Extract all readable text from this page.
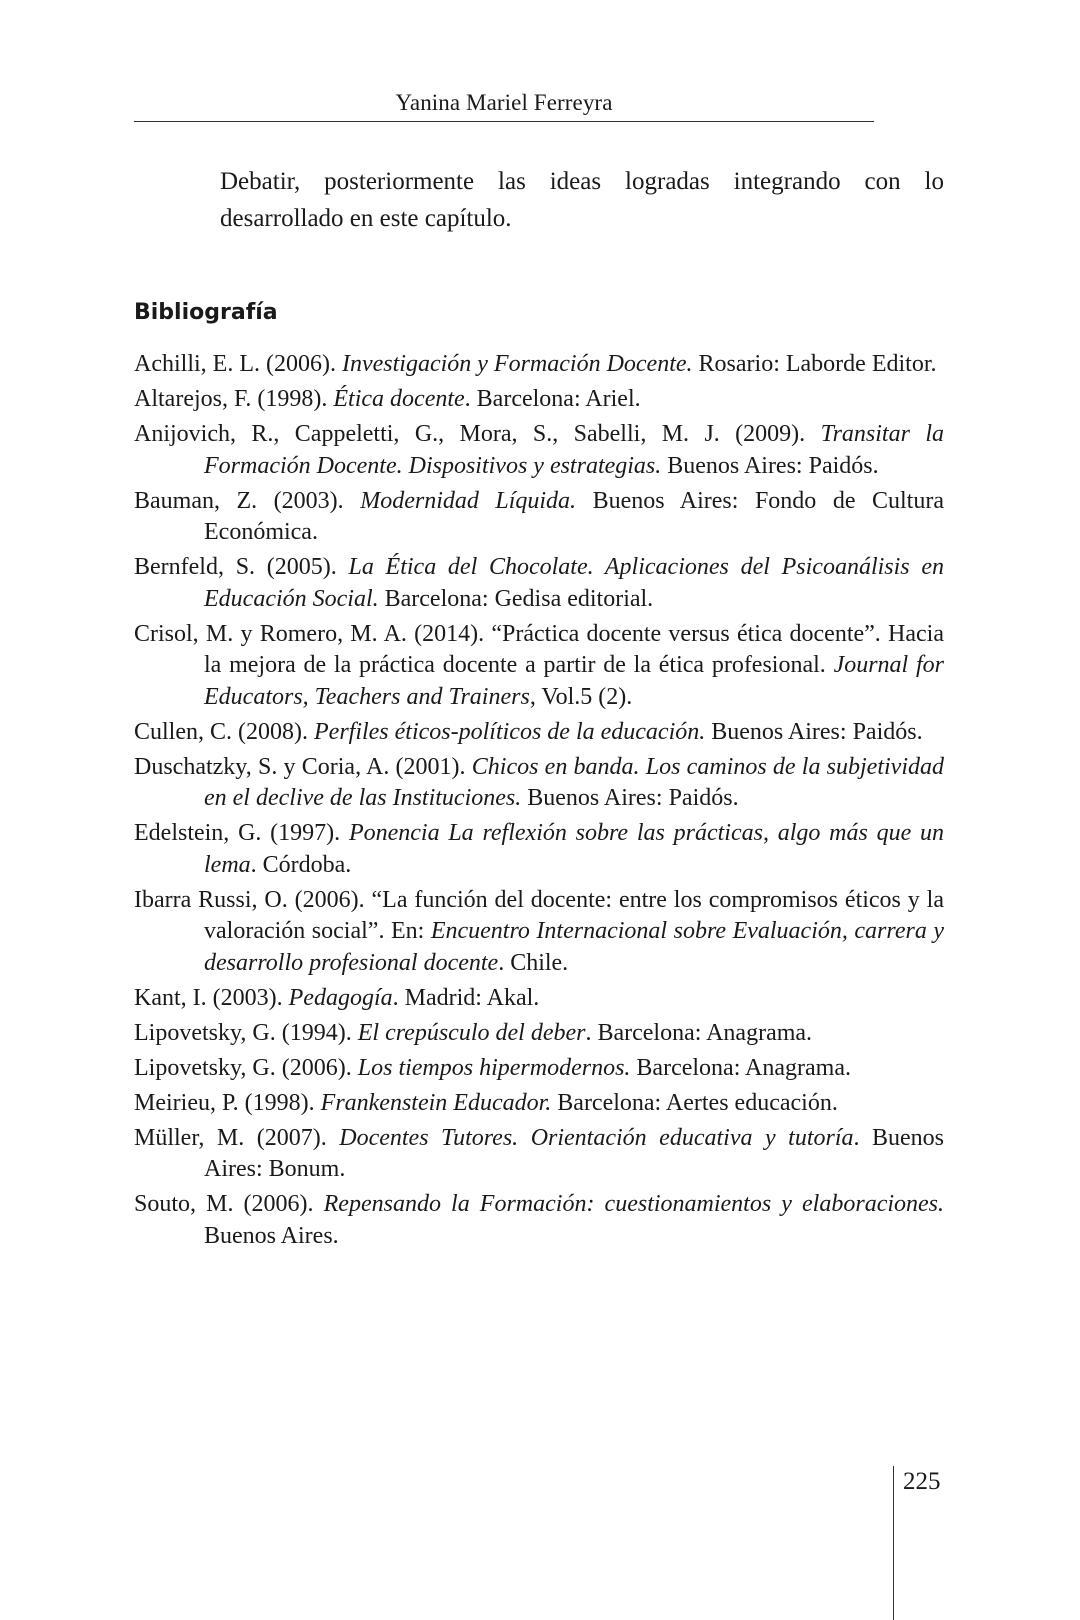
Yanina Mariel Ferreyra

Debatir, posteriormente las ideas logradas integrando con lo desarrollado en este capítulo.

Bibliografía
Achilli, E. L. (2006). Investigación y Formación Docente. Rosario: Laborde Editor.
Altarejos, F. (1998). Ética docente. Barcelona: Ariel.
Anijovich, R., Cappeletti, G., Mora, S., Sabelli, M. J. (2009). Transitar la Formación Docente. Dispositivos y estrategias. Buenos Aires: Paidós.
Bauman, Z. (2003). Modernidad Líquida. Buenos Aires: Fondo de Cultura Económica.
Bernfeld, S. (2005). La Ética del Chocolate. Aplicaciones del Psicoanálisis en Educación Social. Barcelona: Gedisa editorial.
Crisol, M. y Romero, M. A. (2014). “Práctica docente versus ética docente”. Hacia la mejora de la práctica docente a partir de la ética profesional. Journal for Educators, Teachers and Trainers, Vol.5 (2).
Cullen, C. (2008). Perfiles éticos-políticos de la educación. Buenos Aires: Paidós.
Duschatzky, S. y Coria, A. (2001). Chicos en banda. Los caminos de la subjetividad en el declive de las Instituciones. Buenos Aires: Paidós.
Edelstein, G. (1997). Ponencia La reflexión sobre las prácticas, algo más que un lema. Córdoba.
Ibarra Russi, O. (2006). “La función del docente: entre los compromisos éticos y la valoración social”. En: Encuentro Internacional sobre Evaluación, carrera y desarrollo profesional docente. Chile.
Kant, I. (2003). Pedagogía. Madrid: Akal.
Lipovetsky, G. (1994). El crepúsculo del deber. Barcelona: Anagrama.
Lipovetsky, G. (2006). Los tiempos hipermodernos. Barcelona: Anagrama.
Meirieu, P. (1998). Frankenstein Educador. Barcelona: Aertes educación.
Müller, M. (2007). Docentes Tutores. Orientación educativa y tutoría. Buenos Aires: Bonum.
Souto, M. (2006). Repensando la Formación: cuestionamientos y elaboraciones. Buenos Aires.
225
